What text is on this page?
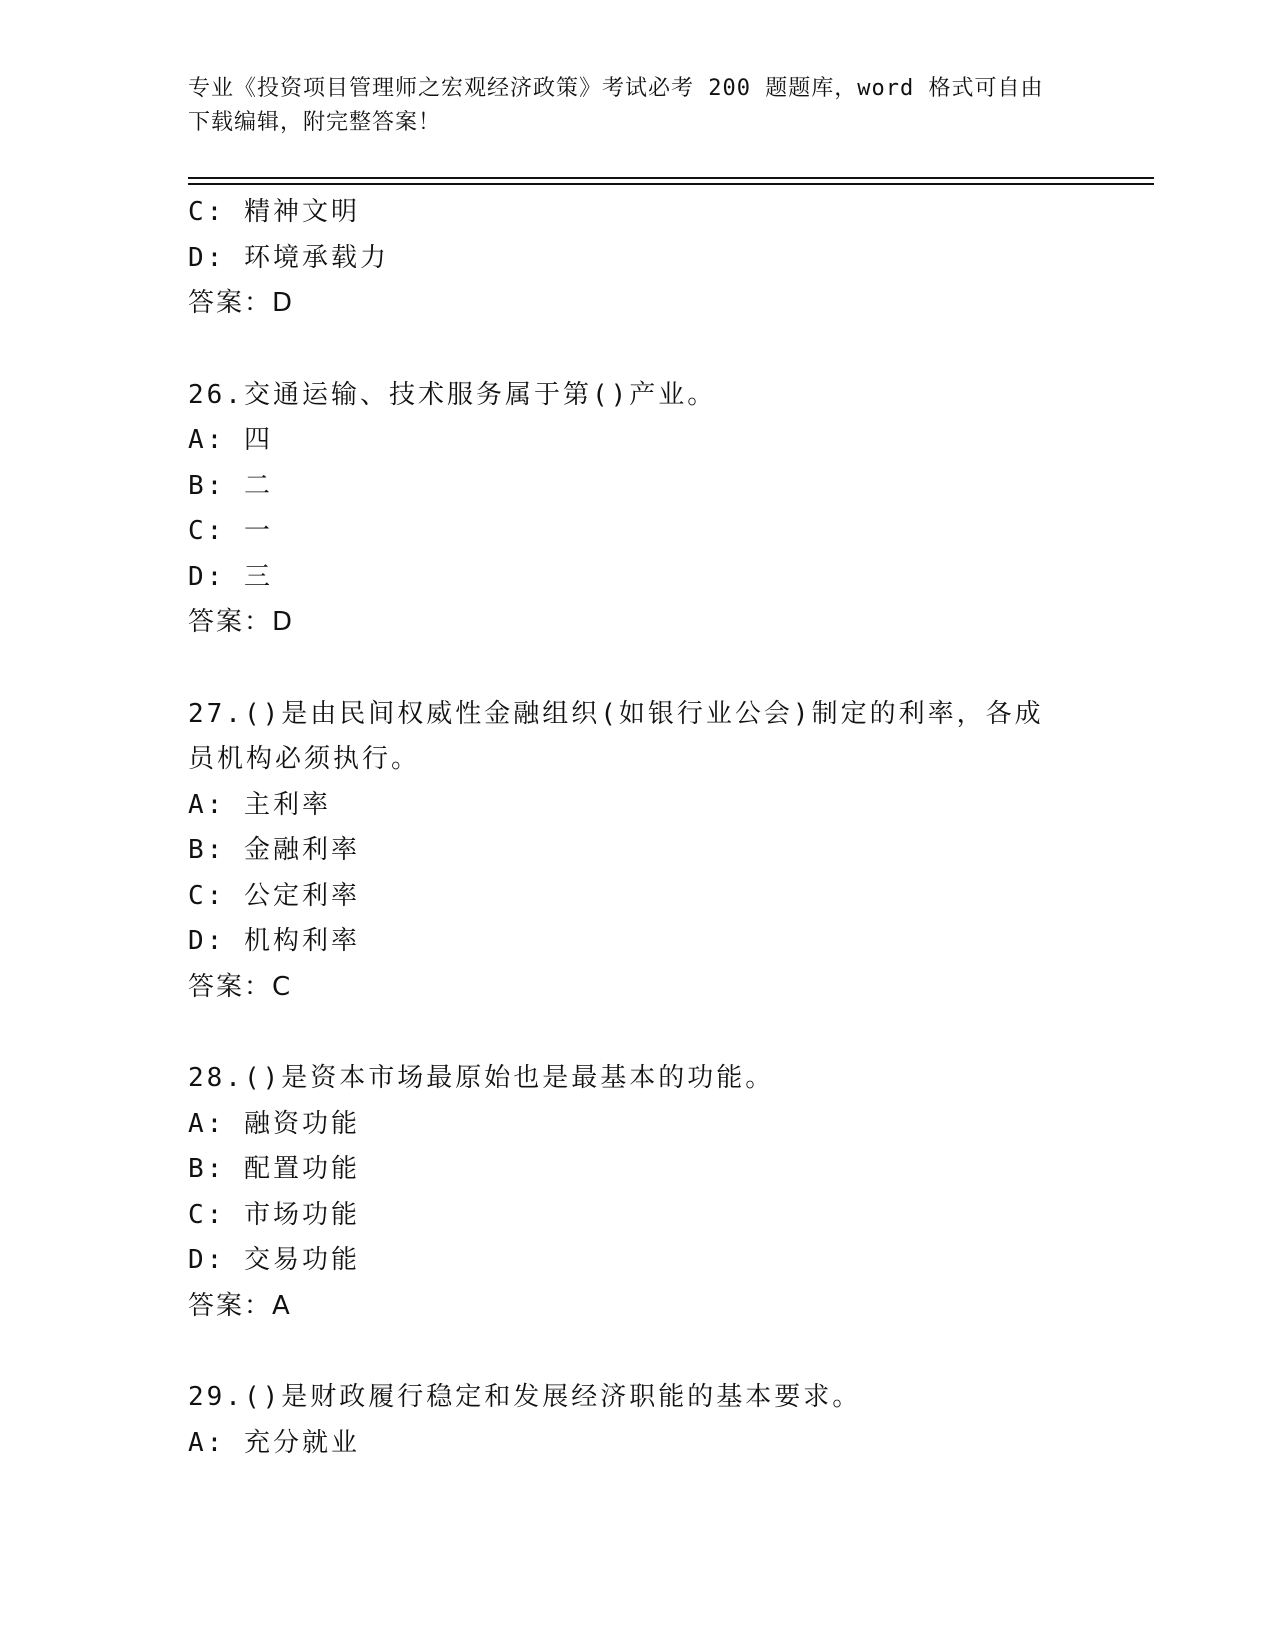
专业《投资项目管理师之宏观经济政策》考试必考 200 题题库，word 格式可自由
下载编辑，附完整答案！
C: 精神文明
D: 环境承载力
答案：D
26.交通运输、技术服务属于第()产业。
A: 四
B: 二
C: 一
D: 三
答案：D
27.()是由民间权威性金融组织(如银行业公会)制定的利率，各成员机构必须执行。
A: 主利率
B: 金融利率
C: 公定利率
D: 机构利率
答案：C
28.()是资本市场最原始也是最基本的功能。
A: 融资功能
B: 配置功能
C: 市场功能
D: 交易功能
答案：A
29.()是财政履行稳定和发展经济职能的基本要求。
A: 充分就业
